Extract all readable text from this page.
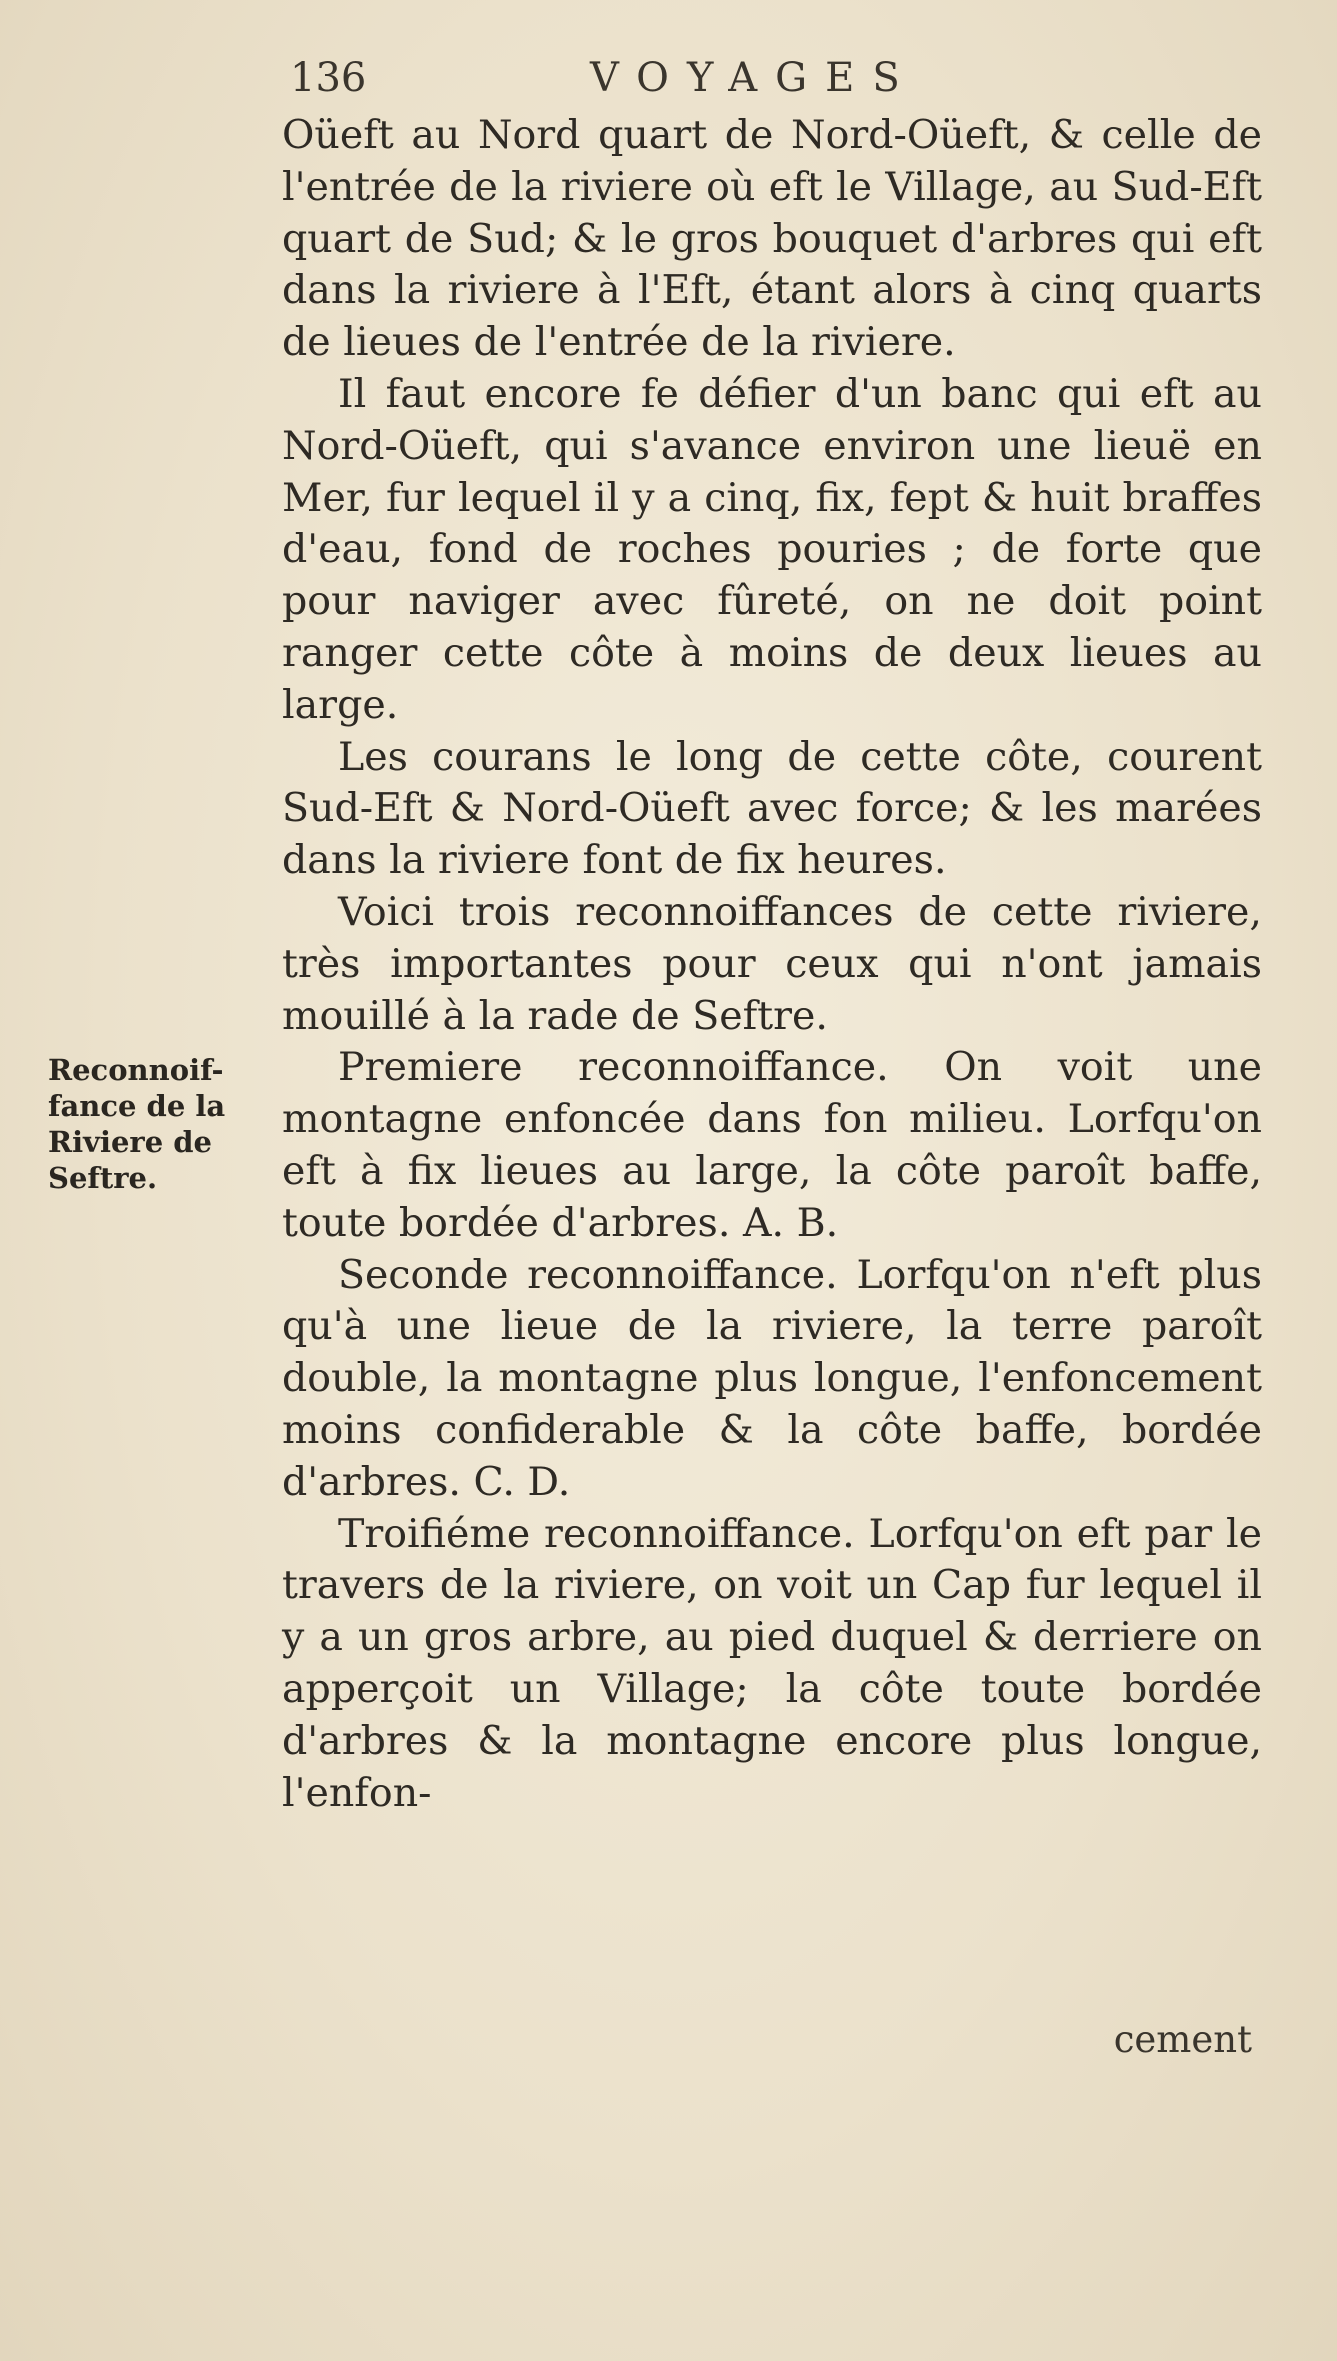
136	VOYAGES
Reconnoif-
fance de la
Riviere de
Seftre.

Oüeft au Nord quart de Nord-Oüeft, & celle de l'entrée de la riviere où eft le Village, au Sud-Eft quart de Sud; & le gros bouquet d'arbres qui eft dans la riviere à l'Eft, étant alors à cinq quarts de lieues de l'entrée de la riviere.

Il faut encore fe défier d'un banc qui eft au Nord-Oüeft, qui s'avance environ une lieuë en Mer, fur lequel il y a cinq, fix, fept & huit braffes d'eau, fond de roches pouries ; de forte que pour naviger avec fûreté, on ne doit point ranger cette côte à moins de deux lieues au large.

Les courans le long de cette côte, courent Sud-Eft & Nord-Oüeft avec force; & les marées dans la riviere font de fix heures.

Voici trois reconnoiffances de cette riviere, très importantes pour ceux qui n'ont jamais mouillé à la rade de Seftre.

Premiere reconnoiffance. On voit une montagne enfoncée dans fon milieu. Lorfqu'on eft à fix lieues au large, la côte paroît baffe, toute bordée d'arbres. A. B.

Seconde reconnoiffance. Lorfqu'on n'eft plus qu'à une lieue de la riviere, la terre paroît double, la montagne plus longue, l'enfoncement moins confiderable & la côte baffe, bordée d'arbres. C. D.

Troifiéme reconnoiffance. Lorfqu'on eft par le travers de la riviere, on voit un Cap fur lequel il y a un gros arbre, au pied duquel & derriere on apperçoit un Village; la côte toute bordée d'arbres & la montagne encore plus longue, l'enfon-

cement
